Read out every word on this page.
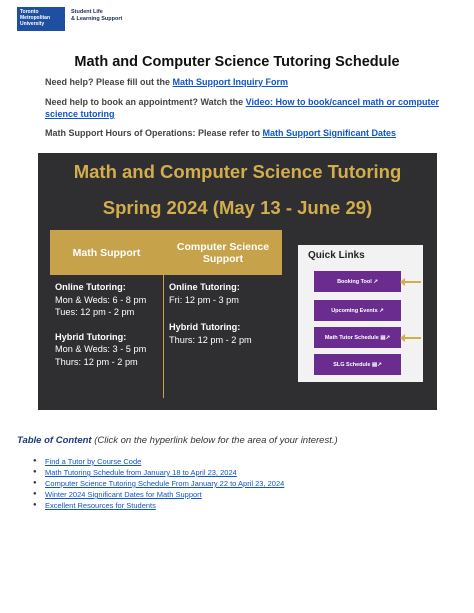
Toronto Metropolitan University
Student Life
& Learning Support
Math and Computer Science Tutoring Schedule
Need help? Please fill out the Math Support Inquiry Form
Need help to book an appointment? Watch the Video: How to book/cancel math or computer science tutoring
Math Support Hours of Operations: Please refer to Math Support Significant Dates
Math and Computer Science Tutoring
Spring 2024 (May 13 - June 29)
Math Support	Computer Science Support
Online Tutoring:
Mon & Weds: 6 - 8 pm
Tues: 12 pm - 2 pm
Hybrid Tutoring:
Mon & Weds: 3 - 5 pm
Thurs: 12 pm - 2 pm
Online Tutoring:
Fri: 12 pm - 3 pm
Hybrid Tutoring:
Thurs: 12 pm - 2 pm
Quick Links
Booking Tool ↗
Upcoming Events ↗
Math Tutor Schedule ▤↗
SLG Schedule ▤↗
Table of Content (Click on the hyperlink below for the area of your interest.)
● Find a Tutor by Course Code
● Math Tutoring Schedule from January 18 to April 23, 2024
● Computer Science Tutoring Schedule From January 22 to April 23, 2024
● Winter 2024 Significant Dates for Math Support
● Excellent Resources for Students
